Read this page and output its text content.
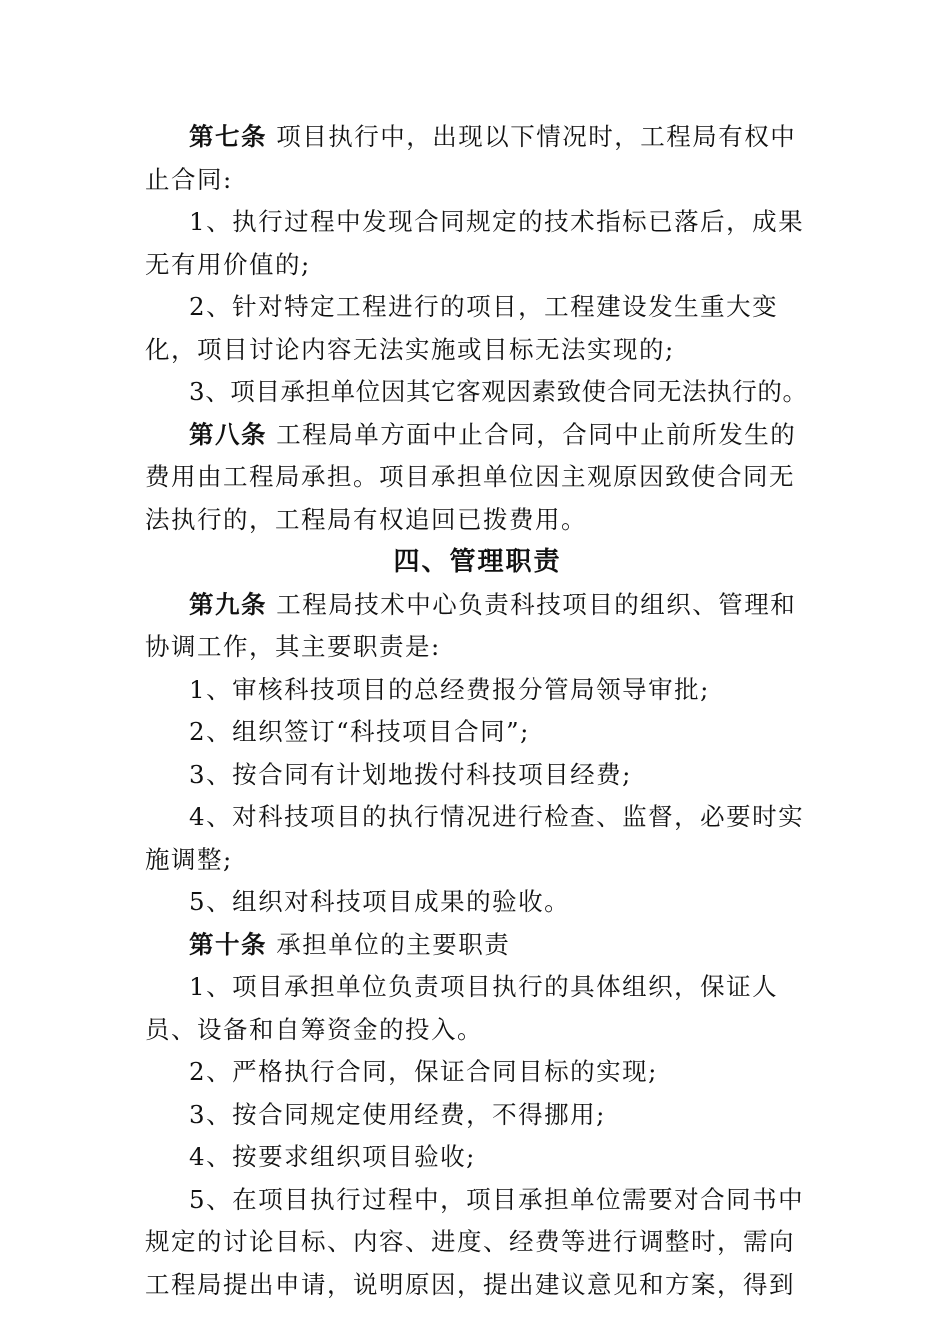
第七条 项目执行中，出现以下情况时，工程局有权中止合同:

1、执行过程中发现合同规定的技术指标已落后，成果无有用价值的;

2、针对特定工程进行的项目，工程建设发生重大变化，项目讨论内容无法实施或目标无法实现的;

3、项目承担单位因其它客观因素致使合同无法执行的。

第八条 工程局单方面中止合同，合同中止前所发生的费用由工程局承担。项目承担单位因主观原因致使合同无法执行的，工程局有权追回已拨费用。

四、管理职责

第九条 工程局技术中心负责科技项目的组织、管理和协调工作，其主要职责是:

1、审核科技项目的总经费报分管局领导审批;

2、组织签订“科技项目合同”;

3、按合同有计划地拨付科技项目经费;

4、对科技项目的执行情况进行检查、监督，必要时实施调整;

5、组织对科技项目成果的验收。

第十条 承担单位的主要职责

1、项目承担单位负责项目执行的具体组织，保证人员、设备和自筹资金的投入。

2、严格执行合同，保证合同目标的实现;

3、按合同规定使用经费，不得挪用;

4、按要求组织项目验收;

5、在项目执行过程中，项目承担单位需要对合同书中规定的讨论目标、内容、进度、经费等进行调整时，需向工程局提出申请，说明原因，提出建议意见和方案，得到
